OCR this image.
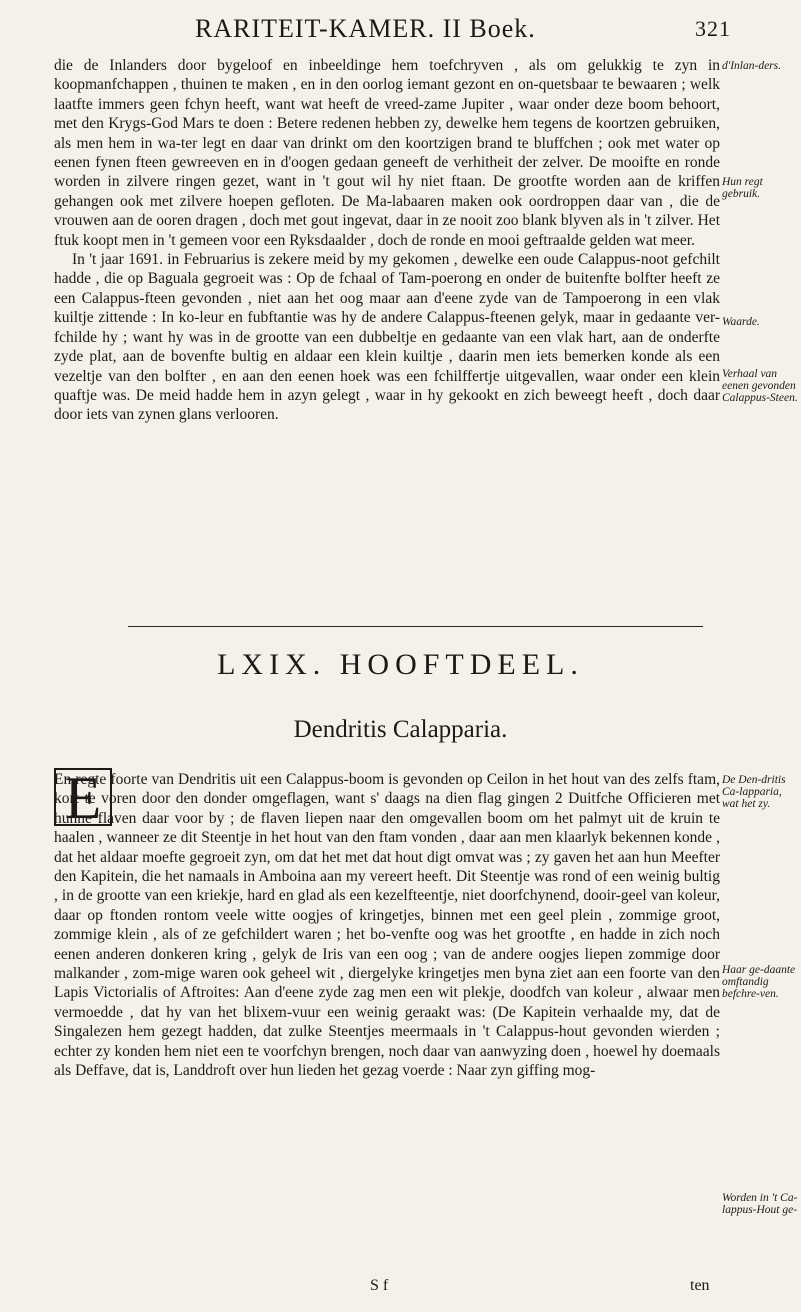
RARITEIT-KAMER. II Boek.	321

die de Inlanders door bygeloof en inbeeldinge hem toefchryven , als om gelukkig te zyn in koopmanfchappen , thuinen te maken , en in den oorlog iemant gezont en on-quetsbaar te bewaaren ; welk laatfte immers geen fchyn heeft, want wat heeft de vreed-zame Jupiter , waar onder deze boom behoort, met den Krygs-God Mars te doen : Betere redenen hebben zy, dewelke hem tegens de koortzen gebruiken, als men hem in wa-ter legt en daar van drinkt om den koortzigen brand te bluffchen ; ook met water op eenen fynen fteen gewreeven en in d'oogen gedaan geneeft de verhitheit der zelver. De mooifte en ronde worden in zilvere ringen gezet, want in 't gout wil hy niet ftaan. De grootfte worden aan de kriffen gehangen ook met zilvere hoepen gefloten. De Ma-labaaren maken ook oordroppen daar van , die de vrouwen aan de ooren dragen , doch met gout ingevat, daar in ze nooit zoo blank blyven als in 't zilver. Het ftuk koopt men in 't gemeen voor een Ryksdaalder , doch de ronde en mooi geftraalde gelden wat meer.

In 't jaar 1691. in Februarius is zekere meid by my gekomen , dewelke een oude Calappus-noot gefchilt hadde , die op Baguala gegroeit was : Op de fchaal of Tam-poerong en onder de buitenfte bolfter heeft ze een Calappus-fteen gevonden , niet aan het oog maar aan d'eene zyde van de Tampoerong in een vlak kuiltje zittende : In ko-leur en fubftantie was hy de andere Calappus-fteenen gelyk, maar in gedaante ver-fchilde hy ; want hy was in de grootte van een dubbeltje en gedaante van een vlak hart, aan de onderfte zyde plat, aan de bovenfte bultig en aldaar een klein kuiltje , daarin men iets bemerken konde als een vezeltje van den bolfter , en aan den eenen hoek was een fchilffertje uitgevallen, waar onder een klein quaftje was. De meid hadde hem in azyn gelegt , waar in hy gekookt en zich beweegt heeft , doch daar door iets van zynen glans verlooren.

d'Inlan-ders.
Hun regt gebruik.
Waarde.
Verhaal van eenen gevonden Calappus-Steen.
LXIX. HOOFTDEEL.
Dendritis Calapparia.
E

En regte foorte van Dendritis uit een Calappus-boom is gevonden op Ceilon in het hout van des zelfs ftam, kort te voren door den donder omgeflagen, want s' daags na dien flag gingen 2 Duitfche Officieren met hunne flaven daar voor by ; de flaven liepen naar den omgevallen boom om het palmyt uit de kruin te haalen , wanneer ze dit Steentje in het hout van den ftam vonden , daar aan men klaarlyk bekennen konde , dat het aldaar moefte gegroeit zyn, om dat het met dat hout digt omvat was ; zy gaven het aan hun Meefter den Kapitein, die het namaals in Amboina aan my vereert heeft. Dit Steentje was rond of een weinig bultig , in de grootte van een kriekje, hard en glad als een kezelfteentje, niet doorfchynend, dooir-geel van koleur, daar op ftonden rontom veele witte oogjes of kringetjes, binnen met een geel plein , zommige groot, zommige klein , als of ze gefchildert waren ; het bo-venfte oog was het grootfte , en hadde in zich noch eenen anderen donkeren kring , gelyk de Iris van een oog ; van de andere oogjes liepen zommige door malkander , zom-mige waren ook geheel wit , diergelyke kringetjes men byna ziet aan een foorte van den Lapis Victorialis of Aftroites: Aan d'eene zyde zag men een wit plekje, doodfch van koleur , alwaar men vermoedde , dat hy van het blixem-vuur een weinig geraakt was: (De Kapitein verhaalde my, dat de Singalezen hem gezegt hadden, dat zulke Steentjes meermaals in 't Calappus-hout gevonden wierden ; echter zy konden hem niet een te voorfchyn brengen, noch daar van aanwyzing doen , hoewel hy doemaals als Deffave, dat is, Landdroft over hun lieden het gezag voerde : Naar zyn giffing mog-

De Den-dritis Ca-lapparia, wat het zy.
Haar ge-daante omftandig befchre-ven.
Worden in 't Ca-lappus-Hout ge-
S f	ten
